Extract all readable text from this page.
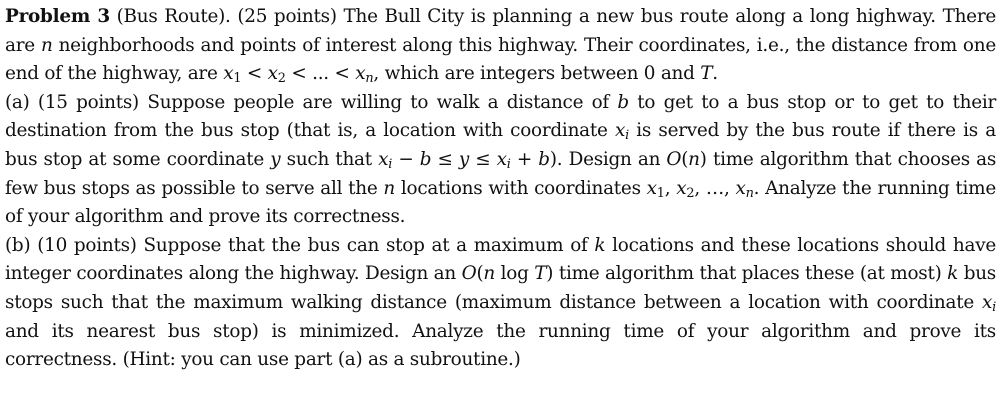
Problem 3 (Bus Route). (25 points) The Bull City is planning a new bus route along a long highway. There are n neighborhoods and points of interest along this highway. Their coordinates, i.e., the distance from one end of the highway, are $x_1 < x_2$ < ... < $x_n$, which are integers between 0 and T.

(a) (15 points) Suppose people are willing to walk a distance of b to get to a bus stop or to get to their destination from the bus stop (that is, a location with coordinate $x_i$ is served by the bus route if there is a bus stop at some coordinate y such that $x_i - b \le y \le x_i + b$). Design an O(n) time algorithm that chooses as few bus stops as possible to serve all the n locations with coordinates $x_1$, $x_2$, …, $x_n$. Analyze the running time of your algorithm and prove its correctness.

(b) (10 points) Suppose that the bus can stop at a maximum of k locations and these locations should have integer coordinates along the highway. Design an O(n log T) time algorithm that places these (at most) k bus stops such that the maximum walking distance (maximum distance between a location with coordinate $x_i$ and its nearest bus stop) is minimized. Analyze the running time of your algorithm and prove its correctness. (Hint: you can use part (a) as a subroutine.)
